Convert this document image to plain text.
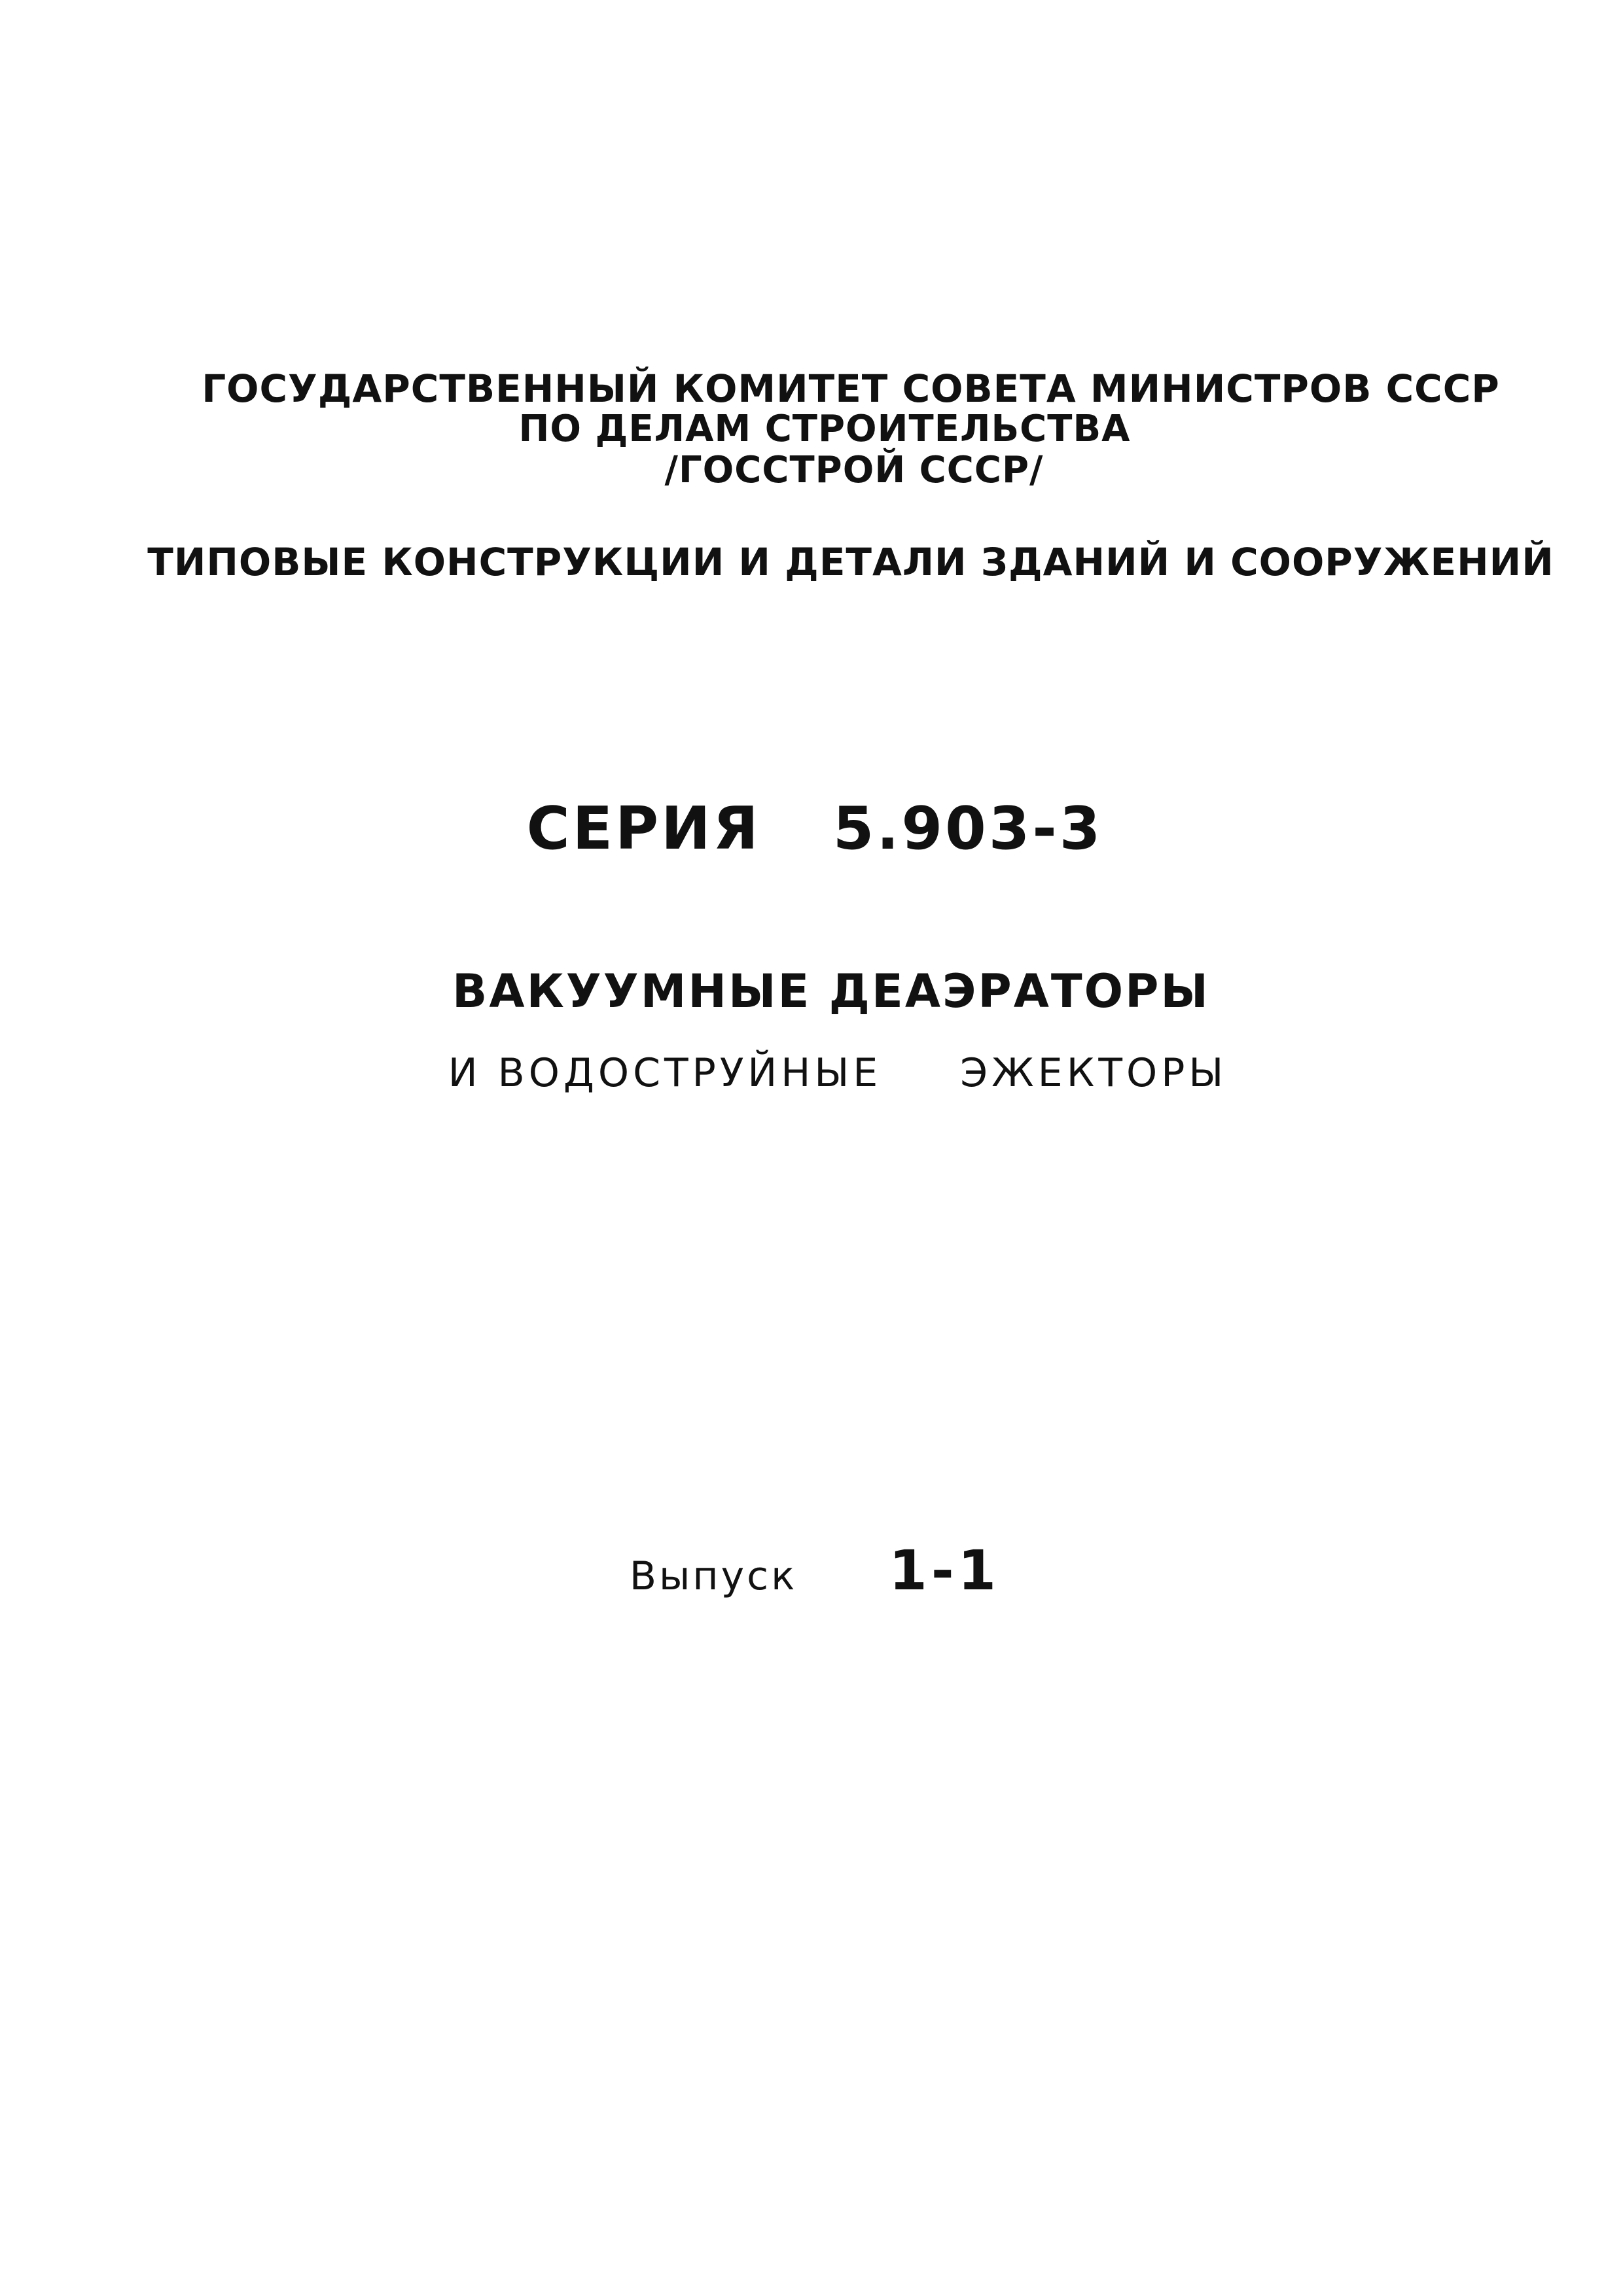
ГОСУДАРСТВЕННЫЙ КОМИТЕТ СОВЕТА МИНИСТРОВ СССР
ПО ДЕЛАМ СТРОИТЕЛЬСТВА
/ГОССТРОЙ СССР/
ТИПОВЫЕ КОНСТРУКЦИИ И ДЕТАЛИ ЗДАНИЙ И СООРУЖЕНИЙ
СЕРИЯ 5.903-3
ВАКУУМНЫЕ ДЕАЭРАТОРЫ
И ВОДОСТРУЙНЫЕ ЭЖЕКТОРЫ
Выпуск 1-1
